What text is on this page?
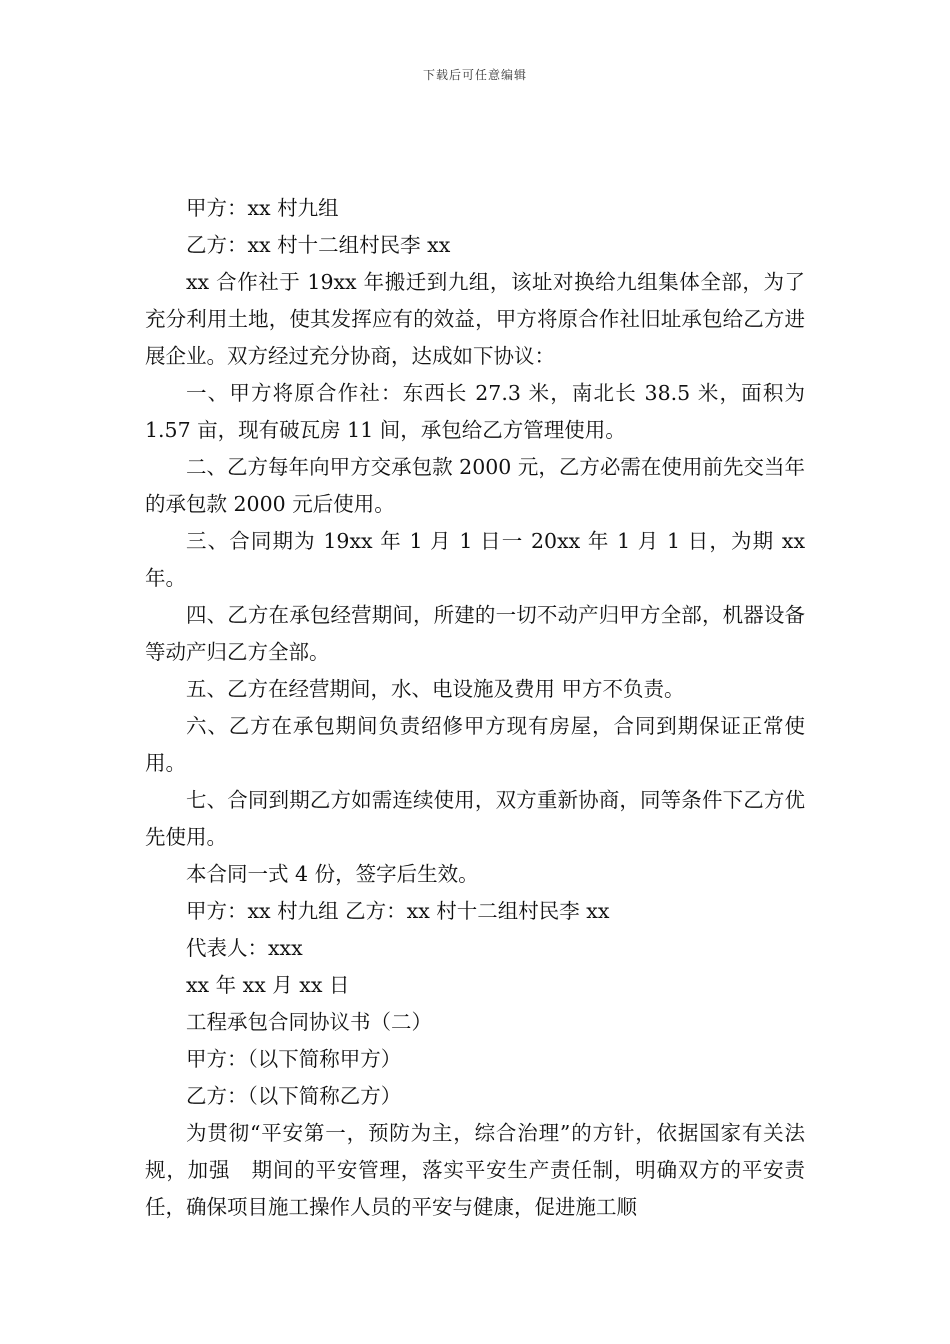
下载后可任意编辑

甲方：xx 村九组

乙方：xx 村十二组村民李 xx

xx 合作社于 19xx 年搬迁到九组，该址对换给九组集体全部，为了充分利用土地，使其发挥应有的效益，甲方将原合作社旧址承包给乙方进展企业。双方经过充分协商，达成如下协议：

一、甲方将原合作社：东西长 27.3 米，南北长 38.5 米，面积为 1.57 亩，现有破瓦房 11 间，承包给乙方管理使用。

二、乙方每年向甲方交承包款 2000 元，乙方必需在使用前先交当年的承包款 2000 元后使用。

三、合同期为 19xx 年 1 月 1 日一 20xx 年 1 月 1 日，为期 xx 年。

四、乙方在承包经营期间，所建的一切不动产归甲方全部，机器设备等动产归乙方全部。

五、乙方在经营期间，水、电设施及费用 甲方不负责。

六、乙方在承包期间负责绍修甲方现有房屋，合同到期保证正常使用。

七、合同到期乙方如需连续使用，双方重新协商，同等条件下乙方优先使用。

本合同一式 4 份，签字后生效。

甲方：xx 村九组 乙方：xx 村十二组村民李 xx

代表人：xxx

xx 年 xx 月 xx 日

工程承包合同协议书（二）

甲方：（以下简称甲方）

乙方：（以下简称乙方）

为贯彻“平安第一，预防为主，综合治理”的方针，依据国家有关法规，加强　期间的平安管理，落实平安生产责任制，明确双方的平安责任，确保项目施工操作人员的平安与健康，促进施工顺
